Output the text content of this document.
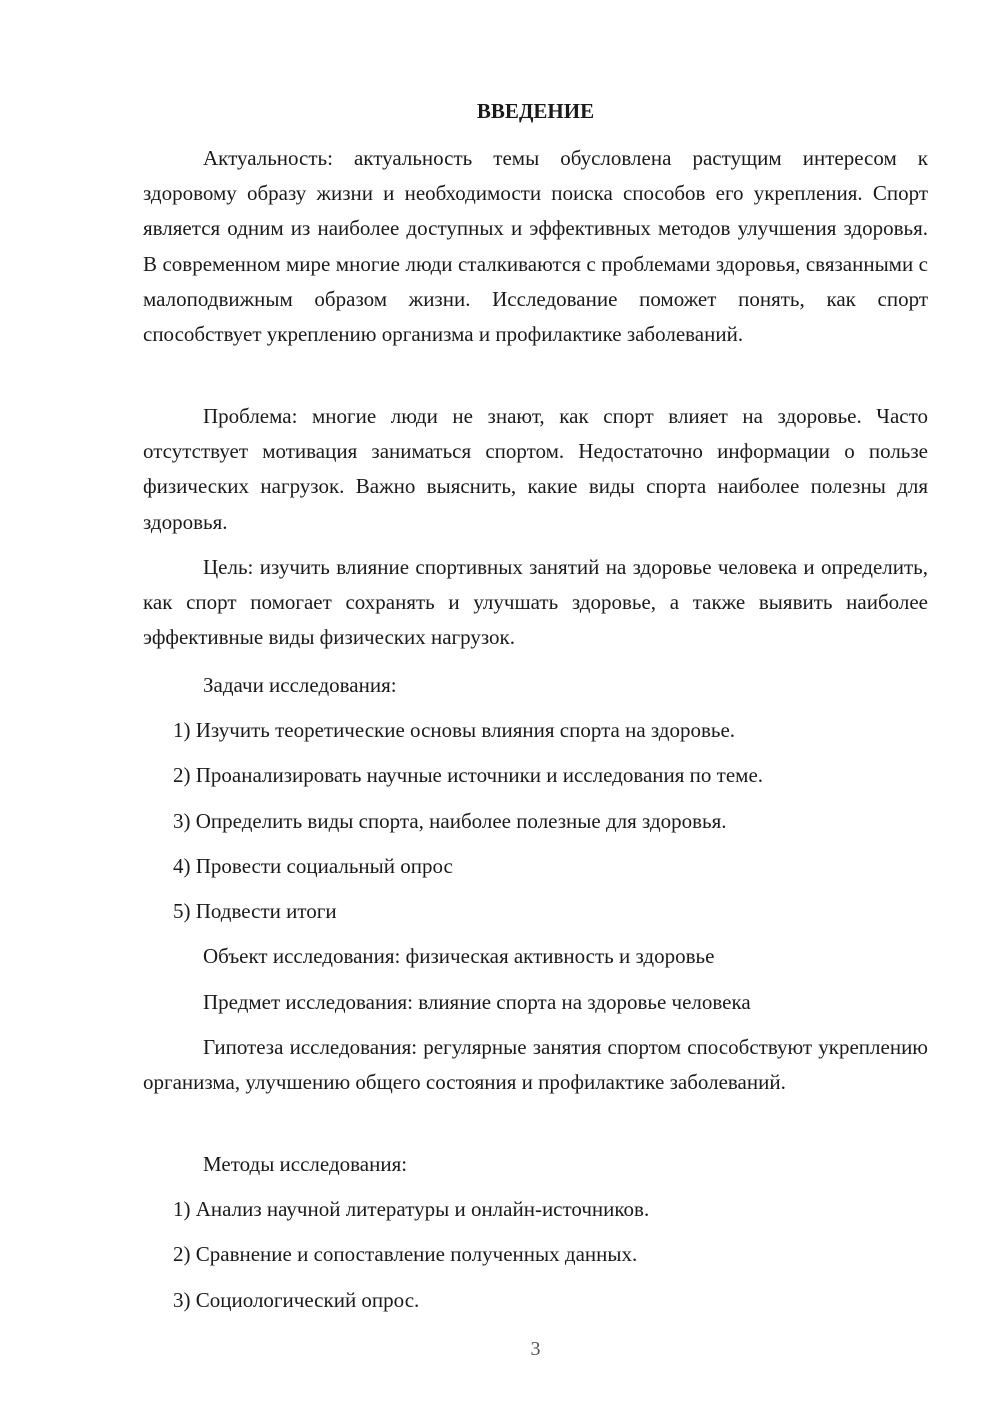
ВВЕДЕНИЕ

Актуальность: актуальность темы обусловлена растущим интересом к здоровому образу жизни и необходимости поиска способов его укрепления. Спорт является одним из наиболее доступных и эффективных методов улучшения здоровья. В современном мире многие люди сталкиваются с проблемами здоровья, связанными с малоподвижным образом жизни. Исследование поможет понять, как спорт способствует укреплению организма и профилактике заболеваний.

Проблема: многие люди не знают, как спорт влияет на здоровье. Часто отсутствует мотивация заниматься спортом. Недостаточно информации о пользе физических нагрузок. Важно выяснить, какие виды спорта наиболее полезны для здоровья.

Цель: изучить влияние спортивных занятий на здоровье человека и определить, как спорт помогает сохранять и улучшать здоровье, а также выявить наиболее эффективные виды физических нагрузок.

Задачи исследования:

1) Изучить теоретические основы влияния спорта на здоровье.

2) Проанализировать научные источники и исследования по теме.

3) Определить виды спорта, наиболее полезные для здоровья.

4) Провести социальный опрос

5) Подвести итоги

Объект исследования: физическая активность и здоровье

Предмет исследования: влияние спорта на здоровье человека

Гипотеза исследования: регулярные занятия спортом способствуют укреплению организма, улучшению общего состояния и профилактике заболеваний.

Методы исследования:

1) Анализ научной литературы и онлайн-источников.

2) Сравнение и сопоставление полученных данных.

3) Социологический опрос.

3
